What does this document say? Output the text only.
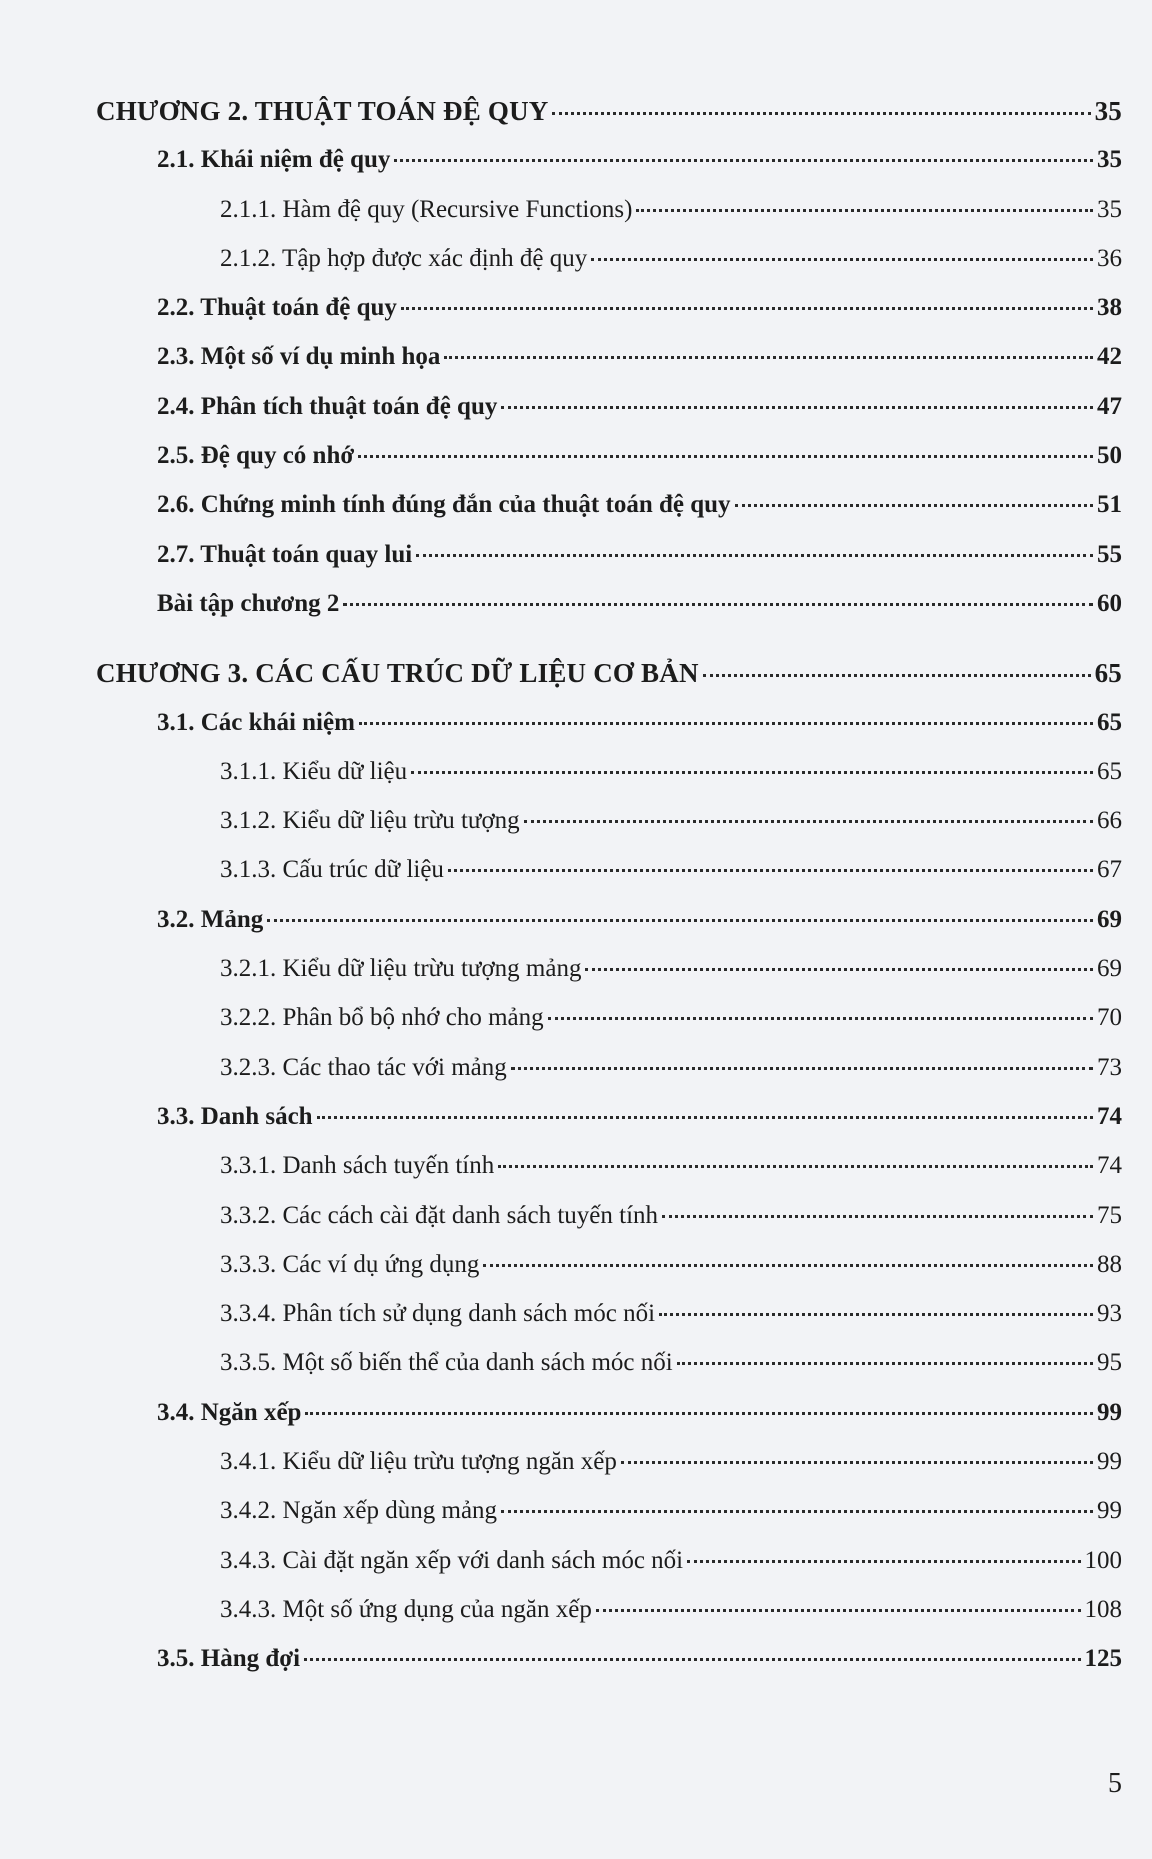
CHƯƠNG 2. THUẬT TOÁN ĐỆ QUY	35
2.1. Khái niệm đệ quy	35
2.1.1. Hàm đệ quy (Recursive Functions)	35
2.1.2. Tập hợp được xác định đệ quy	36
2.2. Thuật toán đệ quy	38
2.3. Một số ví dụ minh họa	42
2.4. Phân tích thuật toán đệ quy	47
2.5. Đệ quy có nhớ	50
2.6. Chứng minh tính đúng đắn của thuật toán đệ quy	51
2.7. Thuật toán quay lui	55
Bài tập chương 2	60
CHƯƠNG 3. CÁC CẤU TRÚC DỮ LIỆU CƠ BẢN	65
3.1. Các khái niệm	65
3.1.1. Kiểu dữ liệu	65
3.1.2. Kiểu dữ liệu trừu tượng	66
3.1.3. Cấu trúc dữ liệu	67
3.2. Mảng	69
3.2.1. Kiểu dữ liệu trừu tượng mảng	69
3.2.2. Phân bổ bộ nhớ cho mảng	70
3.2.3. Các thao tác với mảng	73
3.3. Danh sách	74
3.3.1. Danh sách tuyến tính	74
3.3.2. Các cách cài đặt danh sách tuyến tính	75
3.3.3. Các ví dụ ứng dụng	88
3.3.4. Phân tích sử dụng danh sách móc nối	93
3.3.5. Một số biến thể của danh sách móc nối	95
3.4. Ngăn xếp	99
3.4.1. Kiểu dữ liệu trừu tượng ngăn xếp	99
3.4.2. Ngăn xếp dùng mảng	99
3.4.3. Cài đặt ngăn xếp với danh sách móc nối	100
3.4.3. Một số ứng dụng của ngăn xếp	108
3.5. Hàng đợi	125
5
